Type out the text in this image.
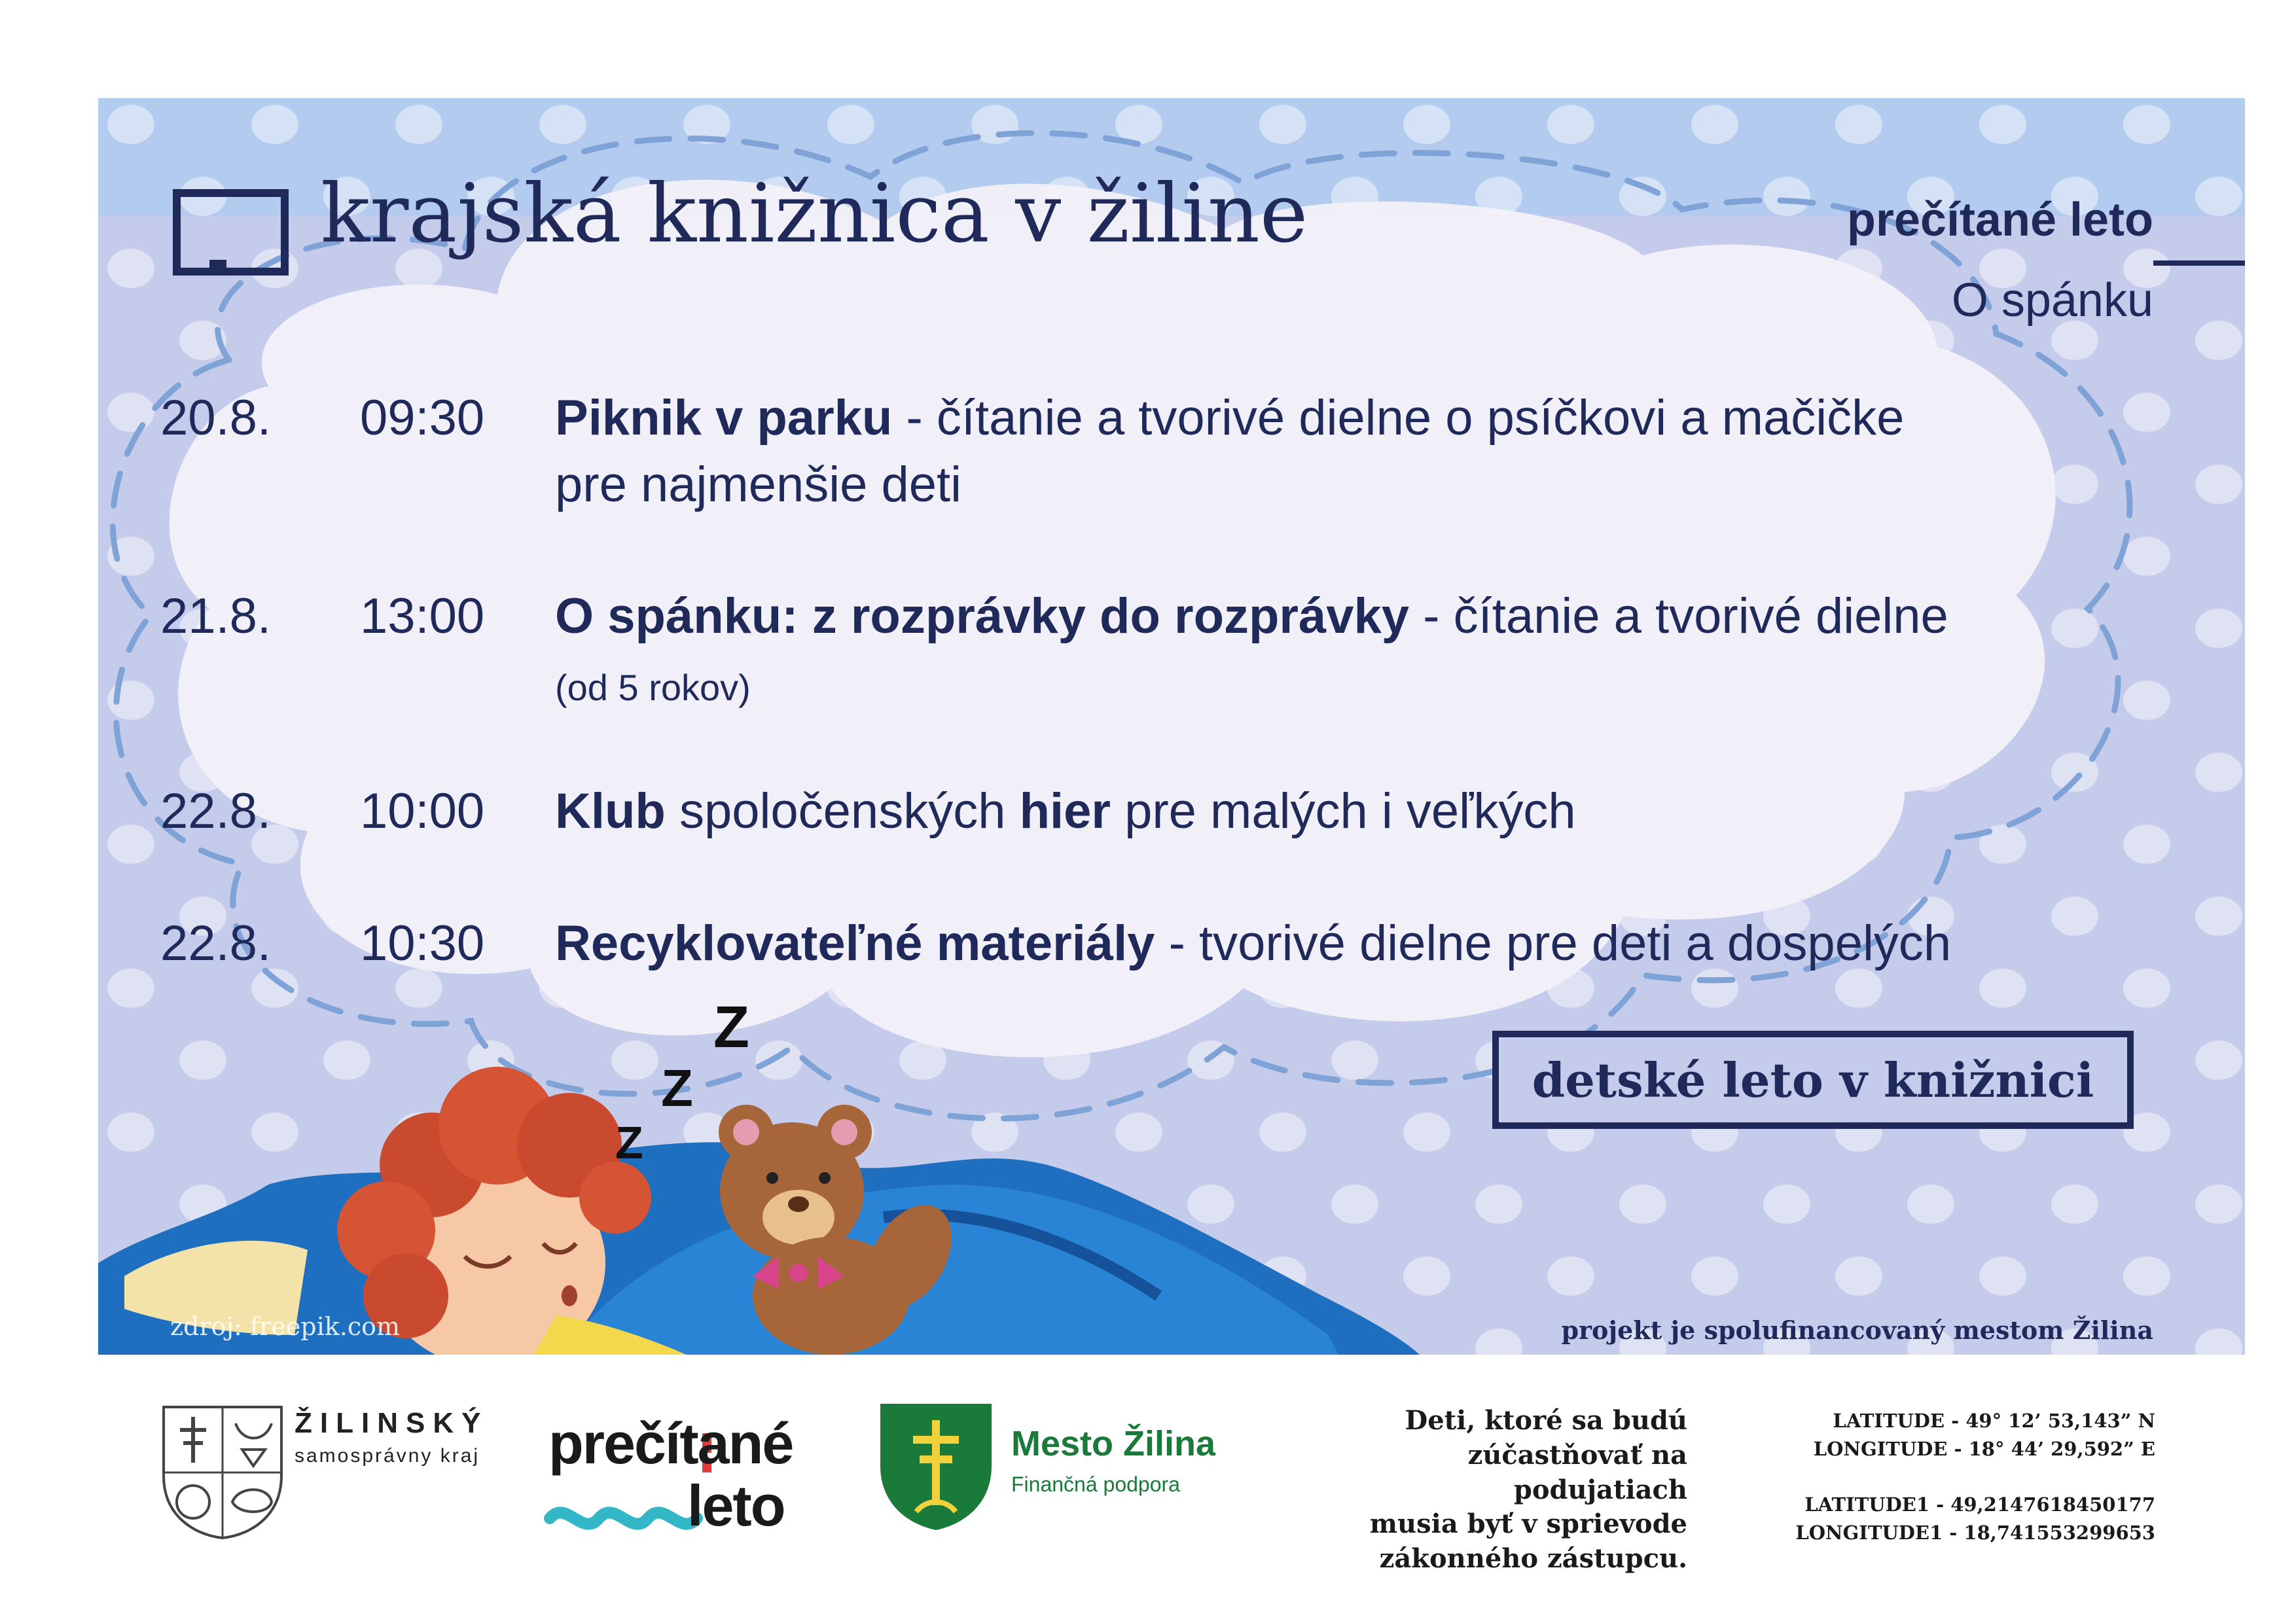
krajská knižnica v žiline	prečítané leto
O spánku
20.8. 09:30 Piknik v parku - čítanie a tvorivé dielne o psíčkovi a mačičke
pre najmenšie deti
21.8. 13:00 O spánku: z rozprávky do rozprávky - čítanie a tvorivé dielne
(od 5 rokov)
22.8. 10:00 Klub spoločenských hier pre malých i veľkých
22.8. 10:30 Recyklovateľné materiály - tvorivé dielne pre deti a dospelých
detské leto v knižnici
Z
Z
Z
zdroj: freepik.com	projekt je spolufinancovaný mestom Žilina
ŽILINSKÝ
samosprávny kraj prečítané
leto
Mesto Žilina
Finančná podpora
Deti, ktoré sa budú
zúčastňovať na podujatiach
musia byť v sprievode
zákonného zástupcu.
LATITUDE - 49° 12’ 53,143” N
LONGITUDE - 18° 44’ 29,592” E
LATITUDE1 - 49,2147618450177
LONGITUDE1 - 18,741553299653
